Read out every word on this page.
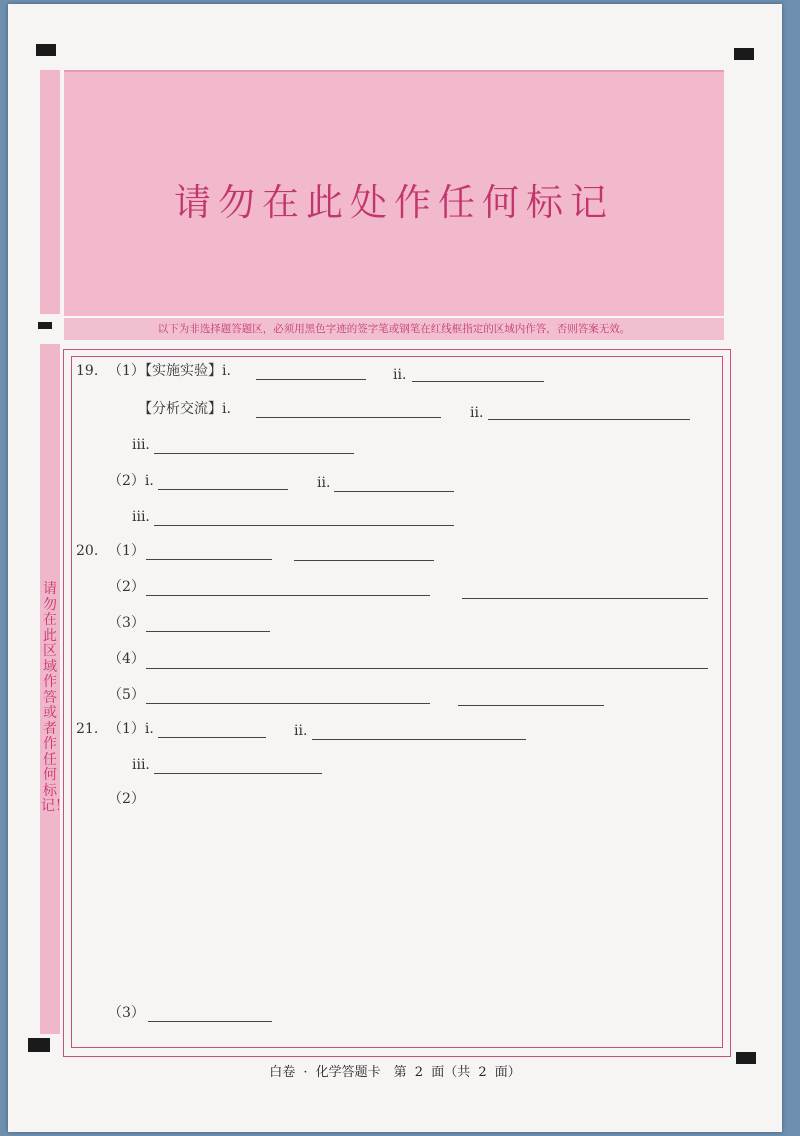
请勿在此处作任何标记
以下为非选择题答题区，必须用黑色字迹的签字笔或钢笔在红线框指定的区域内作答，否则答案无效。
请勿在此区域作答或者作任何标记！
19. （1）
【实施实验】i.	ii.
【分析交流】i.	ii.
iii.
（2）i.	ii.
iii.
20. （1）
（2）
（3）
（4）
（5）
21. （1）i.	ii.
iii.
（2）
（3）
白卷 · 化学答题卡　第 2 面（共 2 面）
